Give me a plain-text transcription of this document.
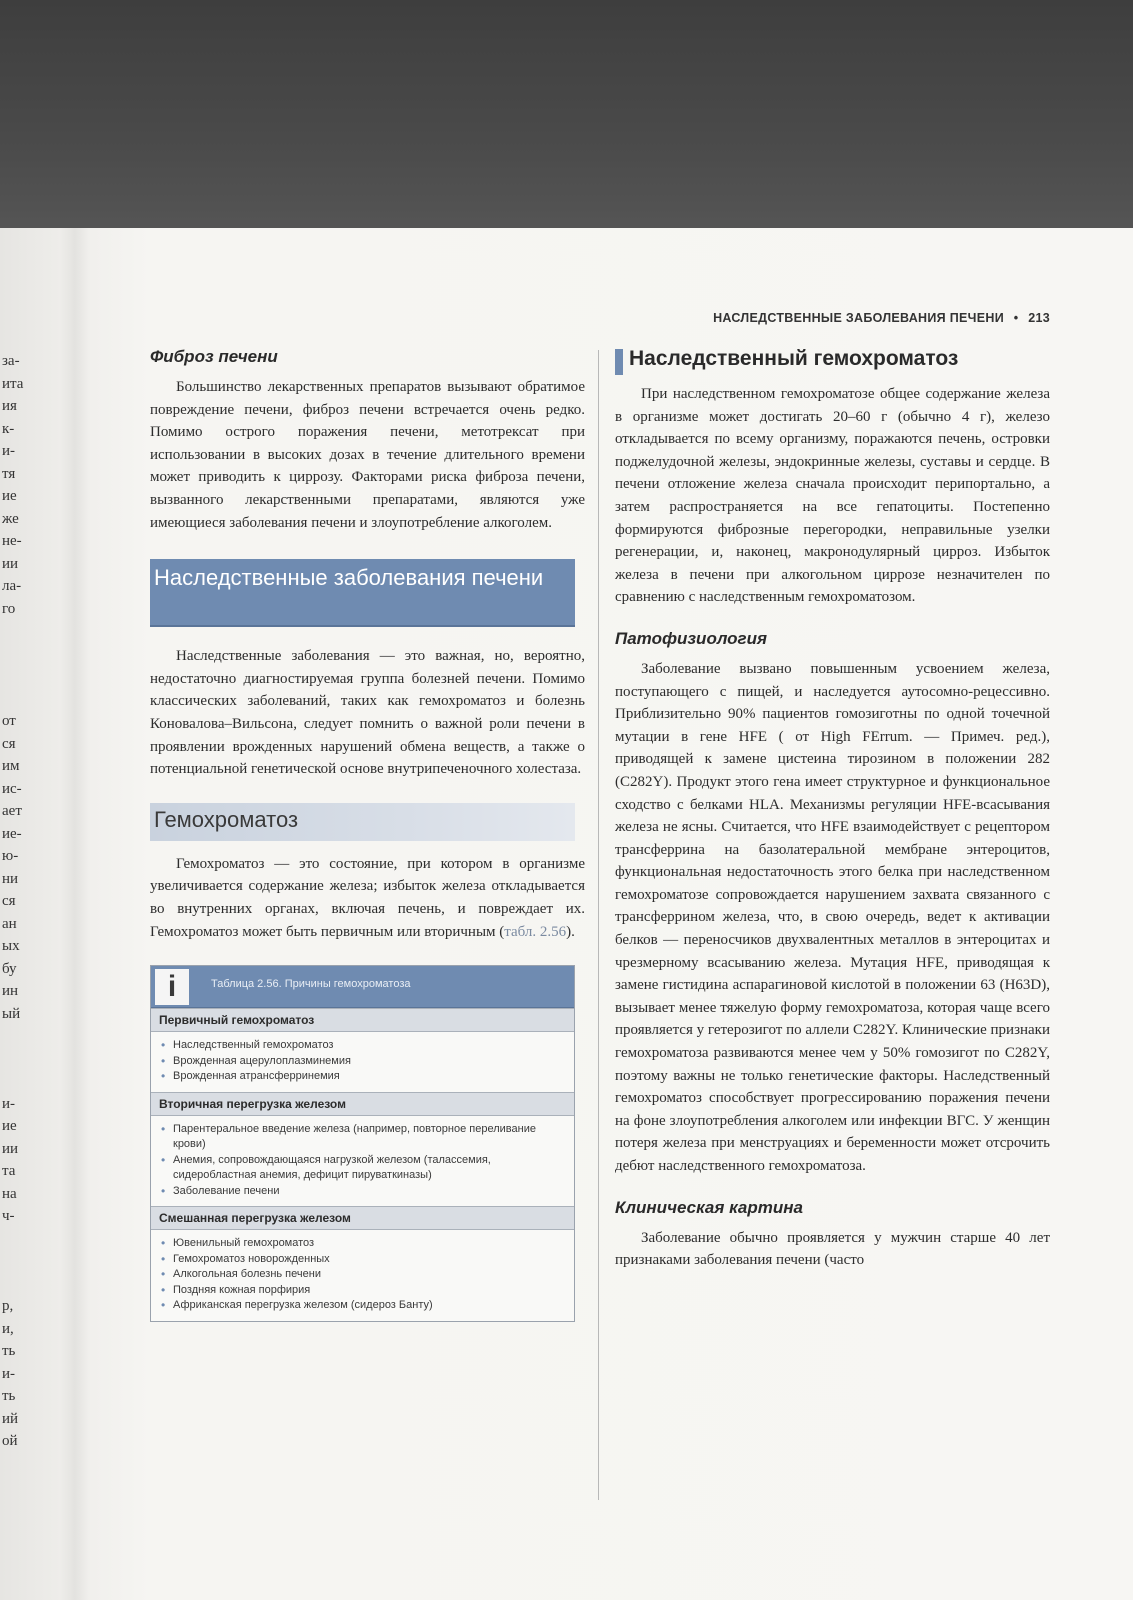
за-
ита
ия
к-
и-
тя
ие
же
не-
ии
ла-
го

от
ся
им
ис-
ает
ие-
ю-
ни
ся
ан
ых
бу
ин
ый

и-
ие
ии
та
на
ч-

р,
и,
ть
и-
ть
ий
ой
НАСЛЕДСТВЕННЫЕ ЗАБОЛЕВАНИЯ ПЕЧЕНИ • 213
Фиброз печени

Большинство лекарственных препаратов вызывают обратимое повреждение печени, фиброз печени встречается очень редко. Помимо острого поражения печени, метотрексат при использовании в высоких дозах в течение длительного времени может приводить к циррозу. Факторами риска фиброза печени, вызванного лекарственными препаратами, являются уже имеющиеся заболевания печени и злоупотребление алкоголем.

Наследственные заболевания печени

Наследственные заболевания — это важная, но, вероятно, недостаточно диагностируемая группа болезней печени. Помимо классических заболеваний, таких как гемохроматоз и болезнь Коновалова–Вильсона, следует помнить о важной роли печени в проявлении врожденных нарушений обмена веществ, а также о потенциальной генетической основе внутрипеченочного холестаза.

Гемохроматоз

Гемохроматоз — это состояние, при котором в организме увеличивается содержание железа; избыток железа откладывается во внутренних органах, включая печень, и повреждает их. Гемохроматоз может быть первичным или вторичным (табл. 2.56).

i	Таблица 2.56. Причины гемохроматоза
Первичный гемохроматоз
• Наследственный гемохроматоз
• Врожденная ацерулоплазминемия
• Врожденная атрансферринемия
Вторичная перегрузка железом
• Парентеральное введение железа (например, повторное переливание крови)
• Анемия, сопровождающаяся нагрузкой железом (талассемия, сидеробластная анемия, дефицит пируваткиназы)
• Заболевание печени
Смешанная перегрузка железом
• Ювенильный гемохроматоз
• Гемохроматоз новорожденных
• Алкогольная болезнь печени
• Поздняя кожная порфирия
• Африканская перегрузка железом (сидероз Банту)
Наследственный гемохроматоз

При наследственном гемохроматозе общее содержание железа в организме может достигать 20–60 г (обычно 4 г), железо откладывается по всему организму, поражаются печень, островки поджелудочной железы, эндокринные железы, суставы и сердце. В печени отложение железа сначала происходит перипортально, а затем распространяется на все гепатоциты. Постепенно формируются фиброзные перегородки, неправильные узелки регенерации, и, наконец, макронодулярный цирроз. Избыток железа в печени при алкогольном циррозе незначителен по сравнению с наследственным гемохроматозом.

Патофизиология

Заболевание вызвано повышенным усвоением железа, поступающего с пищей, и наследуется аутосомно-рецессивно. Приблизительно 90% пациентов гомозиготны по одной точечной мутации в гене HFE ( от High FErrum. — Примеч. ред.), приводящей к замене цистеина тирозином в положении 282 (C282Y). Продукт этого гена имеет структурное и функциональное сходство с белками HLA. Механизмы регуляции HFE-всасывания железа не ясны. Считается, что HFE взаимодействует с рецептором трансферрина на базолатеральной мембране энтероцитов, функциональная недостаточность этого белка при наследственном гемохроматозе сопровождается нарушением захвата связанного с трансферрином железа, что, в свою очередь, ведет к активации белков — переносчиков двухвалентных металлов в энтероцитах и чрезмерному всасыванию железа. Мутация HFE, приводящая к замене гистидина аспарагиновой кислотой в положении 63 (H63D), вызывает менее тяжелую форму гемохроматоза, которая чаще всего проявляется у гетерозигот по аллели C282Y. Клинические признаки гемохроматоза развиваются менее чем у 50% гомозигот по C282Y, поэтому важны не только генетические факторы. Наследственный гемохроматоз способствует прогрессированию поражения печени на фоне злоупотребления алкоголем или инфекции ВГС. У женщин потеря железа при менструациях и беременности может отсрочить дебют наследственного гемохроматоза.

Клиническая картина

Заболевание обычно проявляется у мужчин старше 40 лет признаками заболевания печени (часто
